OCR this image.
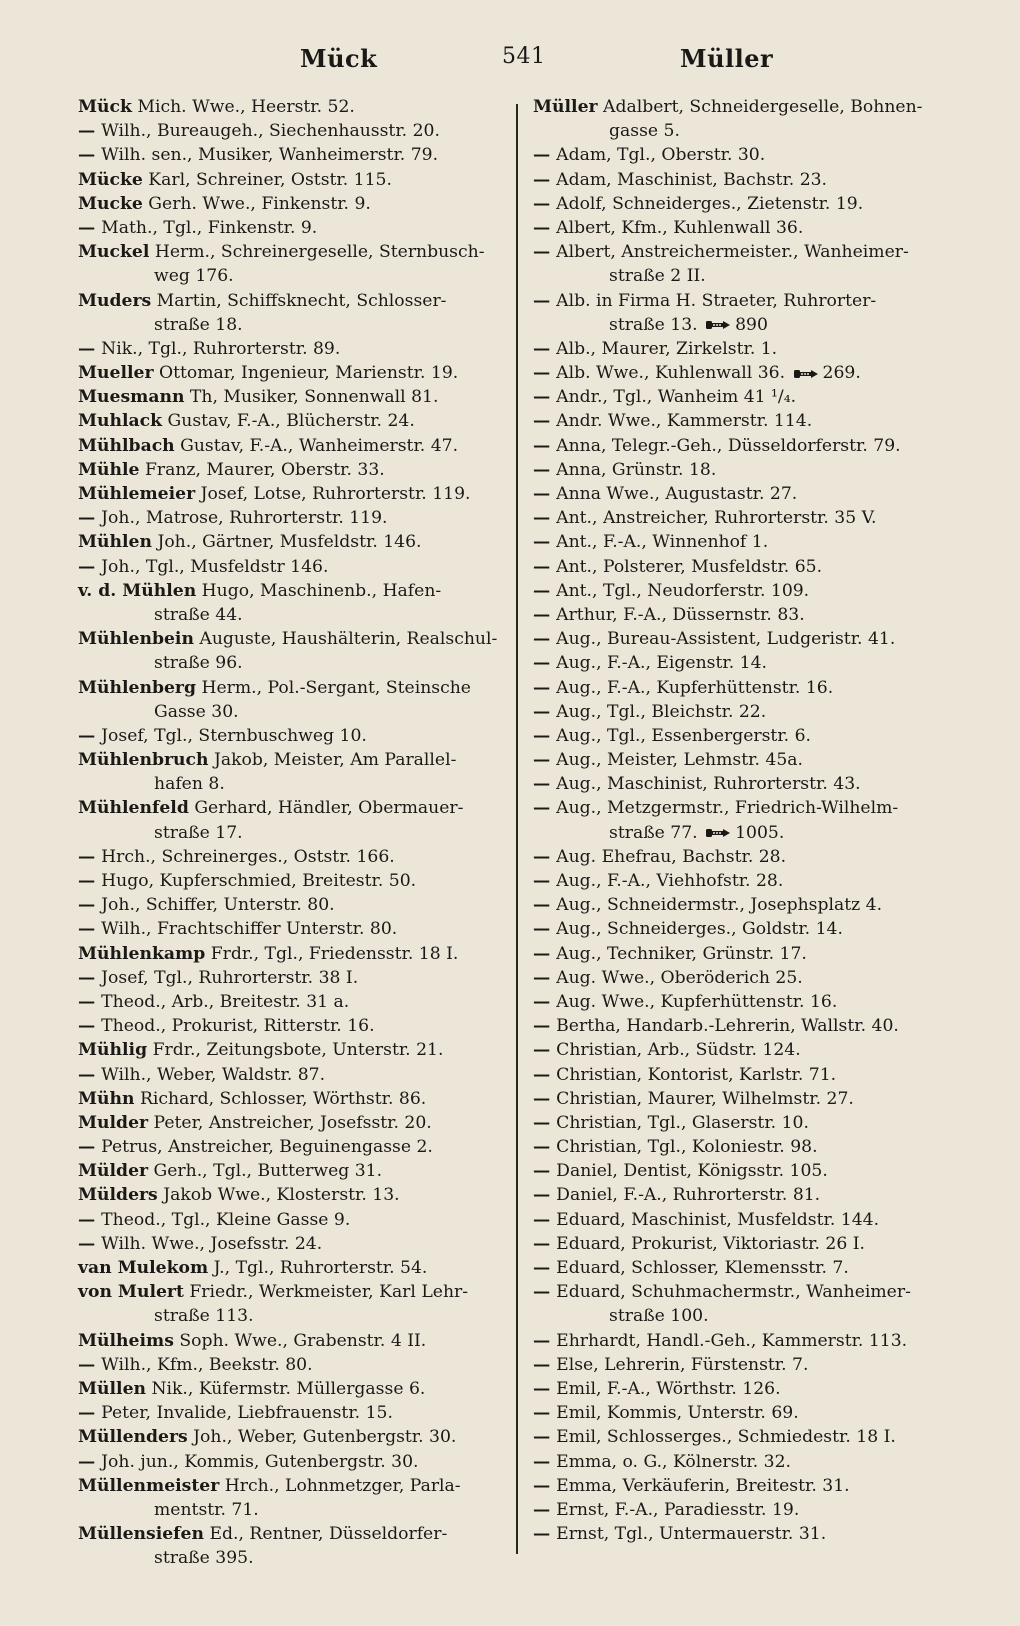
Mück	541	Müller
Mück Mich. Wwe., Heerstr. 52.
— Wilh., Bureaugeh., Siechenhausstr. 20.
— Wilh. sen., Musiker, Wanheimerstr. 79.
Mücke Karl, Schreiner, Oststr. 115.
Mucke Gerh. Wwe., Finkenstr. 9.
— Math., Tgl., Finkenstr. 9.
Muckel Herm., Schreinergeselle, Sternbusch-
weg 176.
Muders Martin, Schiffsknecht, Schlosser-
straße 18.
— Nik., Tgl., Ruhrorterstr. 89.
Mueller Ottomar, Ingenieur, Marienstr. 19.
Muesmann Th, Musiker, Sonnenwall 81.
Muhlack Gustav, F.-A., Blücherstr. 24.
Mühlbach Gustav, F.-A., Wanheimerstr. 47.
Mühle Franz, Maurer, Oberstr. 33.
Mühlemeier Josef, Lotse, Ruhrorterstr. 119.
— Joh., Matrose, Ruhrorterstr. 119.
Mühlen Joh., Gärtner, Musfeldstr. 146.
— Joh., Tgl., Musfeldstr 146.
v. d. Mühlen Hugo, Maschinenb., Hafen-
straße 44.
Mühlenbein Auguste, Haushälterin, Realschul-
straße 96.
Mühlenberg Herm., Pol.-Sergant, Steinsche
Gasse 30.
— Josef, Tgl., Sternbuschweg 10.
Mühlenbruch Jakob, Meister, Am Parallel-
hafen 8.
Mühlenfeld Gerhard, Händler, Obermauer-
straße 17.
— Hrch., Schreinerges., Oststr. 166.
— Hugo, Kupferschmied, Breitestr. 50.
— Joh., Schiffer, Unterstr. 80.
— Wilh., Frachtschiffer Unterstr. 80.
Mühlenkamp Frdr., Tgl., Friedensstr. 18 I.
— Josef, Tgl., Ruhrorterstr. 38 I.
— Theod., Arb., Breitestr. 31 a.
— Theod., Prokurist, Ritterstr. 16.
Mühlig Frdr., Zeitungsbote, Unterstr. 21.
— Wilh., Weber, Waldstr. 87.
Mühn Richard, Schlosser, Wörthstr. 86.
Mulder Peter, Anstreicher, Josefsstr. 20.
— Petrus, Anstreicher, Beguinengasse 2.
Mülder Gerh., Tgl., Butterweg 31.
Mülders Jakob Wwe., Klosterstr. 13.
— Theod., Tgl., Kleine Gasse 9.
— Wilh. Wwe., Josefsstr. 24.
van Mulekom J., Tgl., Ruhrorterstr. 54.
von Mulert Friedr., Werkmeister, Karl Lehr-
straße 113.
Mülheims Soph. Wwe., Grabenstr. 4 II.
— Wilh., Kfm., Beekstr. 80.
Müllen Nik., Küfermstr. Müllergasse 6.
— Peter, Invalide, Liebfrauenstr. 15.
Müllenders Joh., Weber, Gutenbergstr. 30.
— Joh. jun., Kommis, Gutenbergstr. 30.
Müllenmeister Hrch., Lohnmetzger, Parla-
mentstr. 71.
Müllensiefen Ed., Rentner, Düsseldorfer-
straße 395.
Müller Adalbert, Schneidergeselle, Bohnen-
gasse 5.
— Adam, Tgl., Oberstr. 30.
— Adam, Maschinist, Bachstr. 23.
— Adolf, Schneiderges., Zietenstr. 19.
— Albert, Kfm., Kuhlenwall 36.
— Albert, Anstreichermeister., Wanheimer-
straße 2 II.
— Alb. in Firma H. Straeter, Ruhrorter-
straße 13. 890
— Alb., Maurer, Zirkelstr. 1.
— Alb. Wwe., Kuhlenwall 36. 269.
— Andr., Tgl., Wanheim 41 ¹/₄.
— Andr. Wwe., Kammerstr. 114.
— Anna, Telegr.-Geh., Düsseldorferstr. 79.
— Anna, Grünstr. 18.
— Anna Wwe., Augustastr. 27.
— Ant., Anstreicher, Ruhrorterstr. 35 V.
— Ant., F.-A., Winnenhof 1.
— Ant., Polsterer, Musfeldstr. 65.
— Ant., Tgl., Neudorferstr. 109.
— Arthur, F.-A., Düssernstr. 83.
— Aug., Bureau-Assistent, Ludgeristr. 41.
— Aug., F.-A., Eigenstr. 14.
— Aug., F.-A., Kupferhüttenstr. 16.
— Aug., Tgl., Bleichstr. 22.
— Aug., Tgl., Essenbergerstr. 6.
— Aug., Meister, Lehmstr. 45a.
— Aug., Maschinist, Ruhrorterstr. 43.
— Aug., Metzgermstr., Friedrich-Wilhelm-
straße 77. 1005.
— Aug. Ehefrau, Bachstr. 28.
— Aug., F.-A., Viehhofstr. 28.
— Aug., Schneidermstr., Josephsplatz 4.
— Aug., Schneiderges., Goldstr. 14.
— Aug., Techniker, Grünstr. 17.
— Aug. Wwe., Oberöderich 25.
— Aug. Wwe., Kupferhüttenstr. 16.
— Bertha, Handarb.-Lehrerin, Wallstr. 40.
— Christian, Arb., Südstr. 124.
— Christian, Kontorist, Karlstr. 71.
— Christian, Maurer, Wilhelmstr. 27.
— Christian, Tgl., Glaserstr. 10.
— Christian, Tgl., Koloniestr. 98.
— Daniel, Dentist, Königsstr. 105.
— Daniel, F.-A., Ruhrorterstr. 81.
— Eduard, Maschinist, Musfeldstr. 144.
— Eduard, Prokurist, Viktoriastr. 26 I.
— Eduard, Schlosser, Klemensstr. 7.
— Eduard, Schuhmachermstr., Wanheimer-
straße 100.
— Ehrhardt, Handl.-Geh., Kammerstr. 113.
— Else, Lehrerin, Fürstenstr. 7.
— Emil, F.-A., Wörthstr. 126.
— Emil, Kommis, Unterstr. 69.
— Emil, Schlosserges., Schmiedestr. 18 I.
— Emma, o. G., Kölnerstr. 32.
— Emma, Verkäuferin, Breitestr. 31.
— Ernst, F.-A., Paradiesstr. 19.
— Ernst, Tgl., Untermauerstr. 31.
